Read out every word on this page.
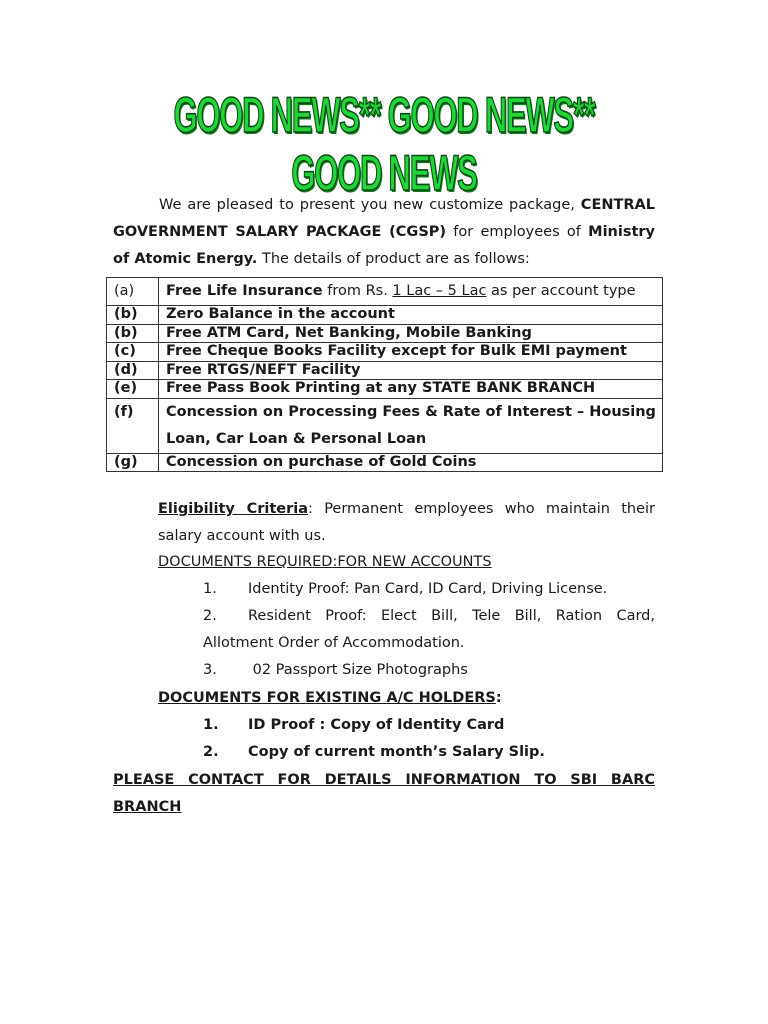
GOOD NEWS** GOOD NEWS** GOOD NEWS
We are pleased to present you new customize package, CENTRAL GOVERNMENT SALARY PACKAGE (CGSP) for employees of Ministry of Atomic Energy. The details of product are as follows:
(a)	Free Life Insurance from Rs. 1 Lac – 5 Lac as per account type
(b)	Zero Balance in the account
(b)	Free ATM Card, Net Banking, Mobile Banking
(c)	Free Cheque Books Facility except for Bulk EMI payment
(d)	Free RTGS/NEFT Facility
(e)	Free Pass Book Printing at any STATE BANK BRANCH
(f)	Concession on Processing Fees & Rate of Interest – Housing Loan, Car Loan & Personal Loan
(g)	Concession on purchase of Gold Coins
Eligibility Criteria: Permanent employees who maintain their salary account with us.
DOCUMENTS REQUIRED:FOR NEW ACCOUNTS
1. Identity Proof: Pan Card, ID Card, Driving License.
2. Resident Proof: Elect Bill, Tele Bill, Ration Card, Allotment Order of Accommodation.
3. 02 Passport Size Photographs
DOCUMENTS FOR EXISTING A/C HOLDERS:
1. ID Proof : Copy of Identity Card
2. Copy of current month’s Salary Slip.
PLEASE CONTACT FOR DETAILS INFORMATION TO SBI BARC BRANCH
